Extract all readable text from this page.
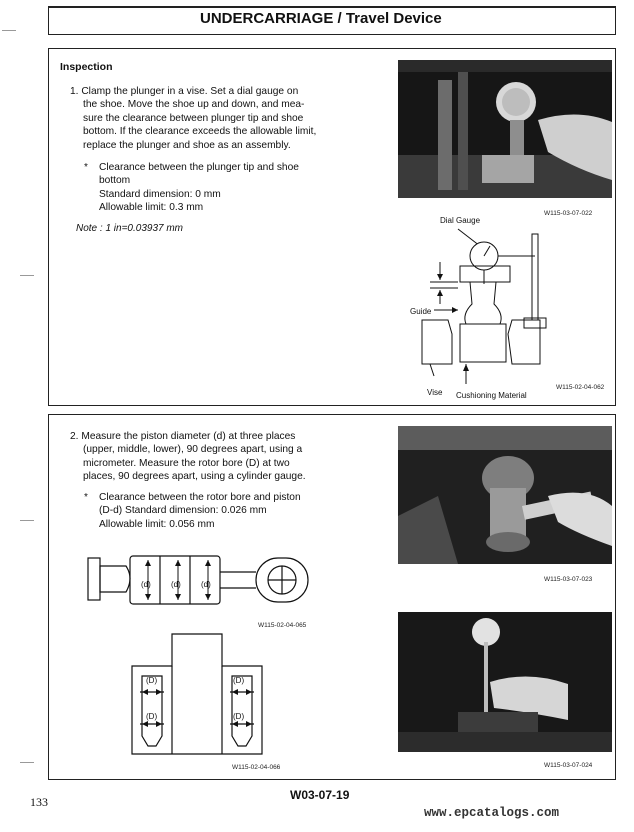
UNDERCARRIAGE / Travel Device
Inspection
1. Clamp the plunger in a vise. Set a dial gauge on
the shoe. Move the shoe up and down, and mea-
sure the clearance between plunger tip and shoe
bottom. If the clearance exceeds the allowable limit,
replace the plunger and shoe as an assembly.
* Clearance between the plunger tip and shoe
bottom
Standard dimension: 0 mm
Allowable limit: 0.3 mm
Note : 1 in=0.03937 mm
W115-03-07-022
Dial Gauge
Guide
Vise Cushioning Material
W115-02-04-062
2. Measure the piston diameter (d) at three places
(upper, middle, lower), 90 degrees apart, using a
micrometer. Measure the rotor bore (D) at two
places, 90 degrees apart, using a cylinder gauge.
* Clearance between the rotor bore and piston
(D-d) Standard dimension: 0.026 mm
Allowable limit: 0.056 mm
(d)	(d)	(d)
W115-02-04-065
(D)	(D)
(D)	(D)
W115-02-04-066
W115-03-07-023
W115-03-07-024
133	W03-07-19
www.epcatalogs.com
